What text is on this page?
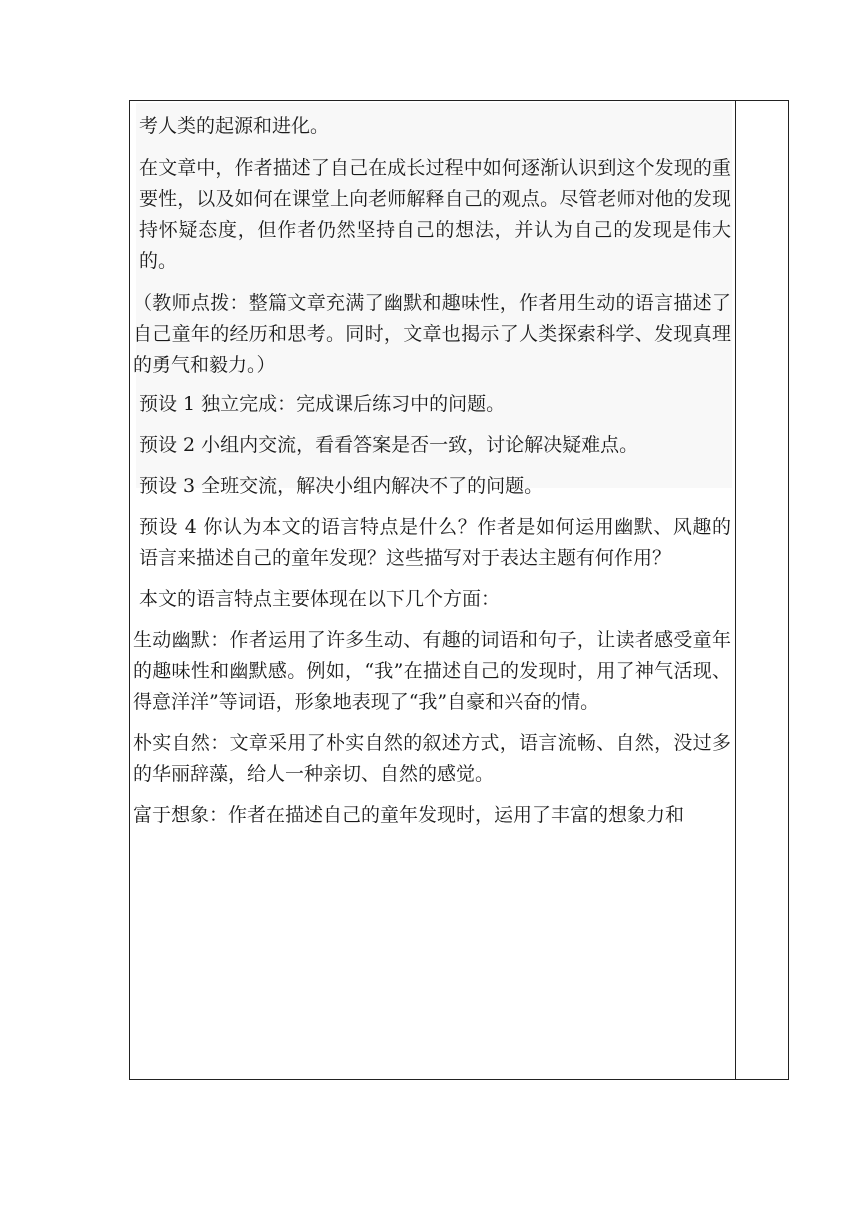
考人类的起源和进化。

在文章中，作者描述了自己在成长过程中如何逐渐认识到这个发现的重要性，以及如何在课堂上向老师解释自己的观点。尽管老师对他的发现持怀疑态度，但作者仍然坚持自己的想法，并认为自己的发现是伟大的。

（教师点拨：整篇文章充满了幽默和趣味性，作者用生动的语言描述了自己童年的经历和思考。同时，文章也揭示了人类探索科学、发现真理的勇气和毅力。）

预设 1 独立完成：完成课后练习中的问题。

预设 2 小组内交流，看看答案是否一致，讨论解决疑难点。

预设 3 全班交流，解决小组内解决不了的问题。

预设 4 你认为本文的语言特点是什么？作者是如何运用幽默、风趣的语言来描述自己的童年发现？这些描写对于表达主题有何作用？

本文的语言特点主要体现在以下几个方面：

生动幽默：作者运用了许多生动、有趣的词语和句子，让读者感受童年的趣味性和幽默感。例如，“我”在描述自己的发现时，用了神气活现、得意洋洋”等词语，形象地表现了“我”自豪和兴奋的情。

朴实自然：文章采用了朴实自然的叙述方式，语言流畅、自然，没过多的华丽辞藻，给人一种亲切、自然的感觉。

富于想象：作者在描述自己的童年发现时，运用了丰富的想象力和
